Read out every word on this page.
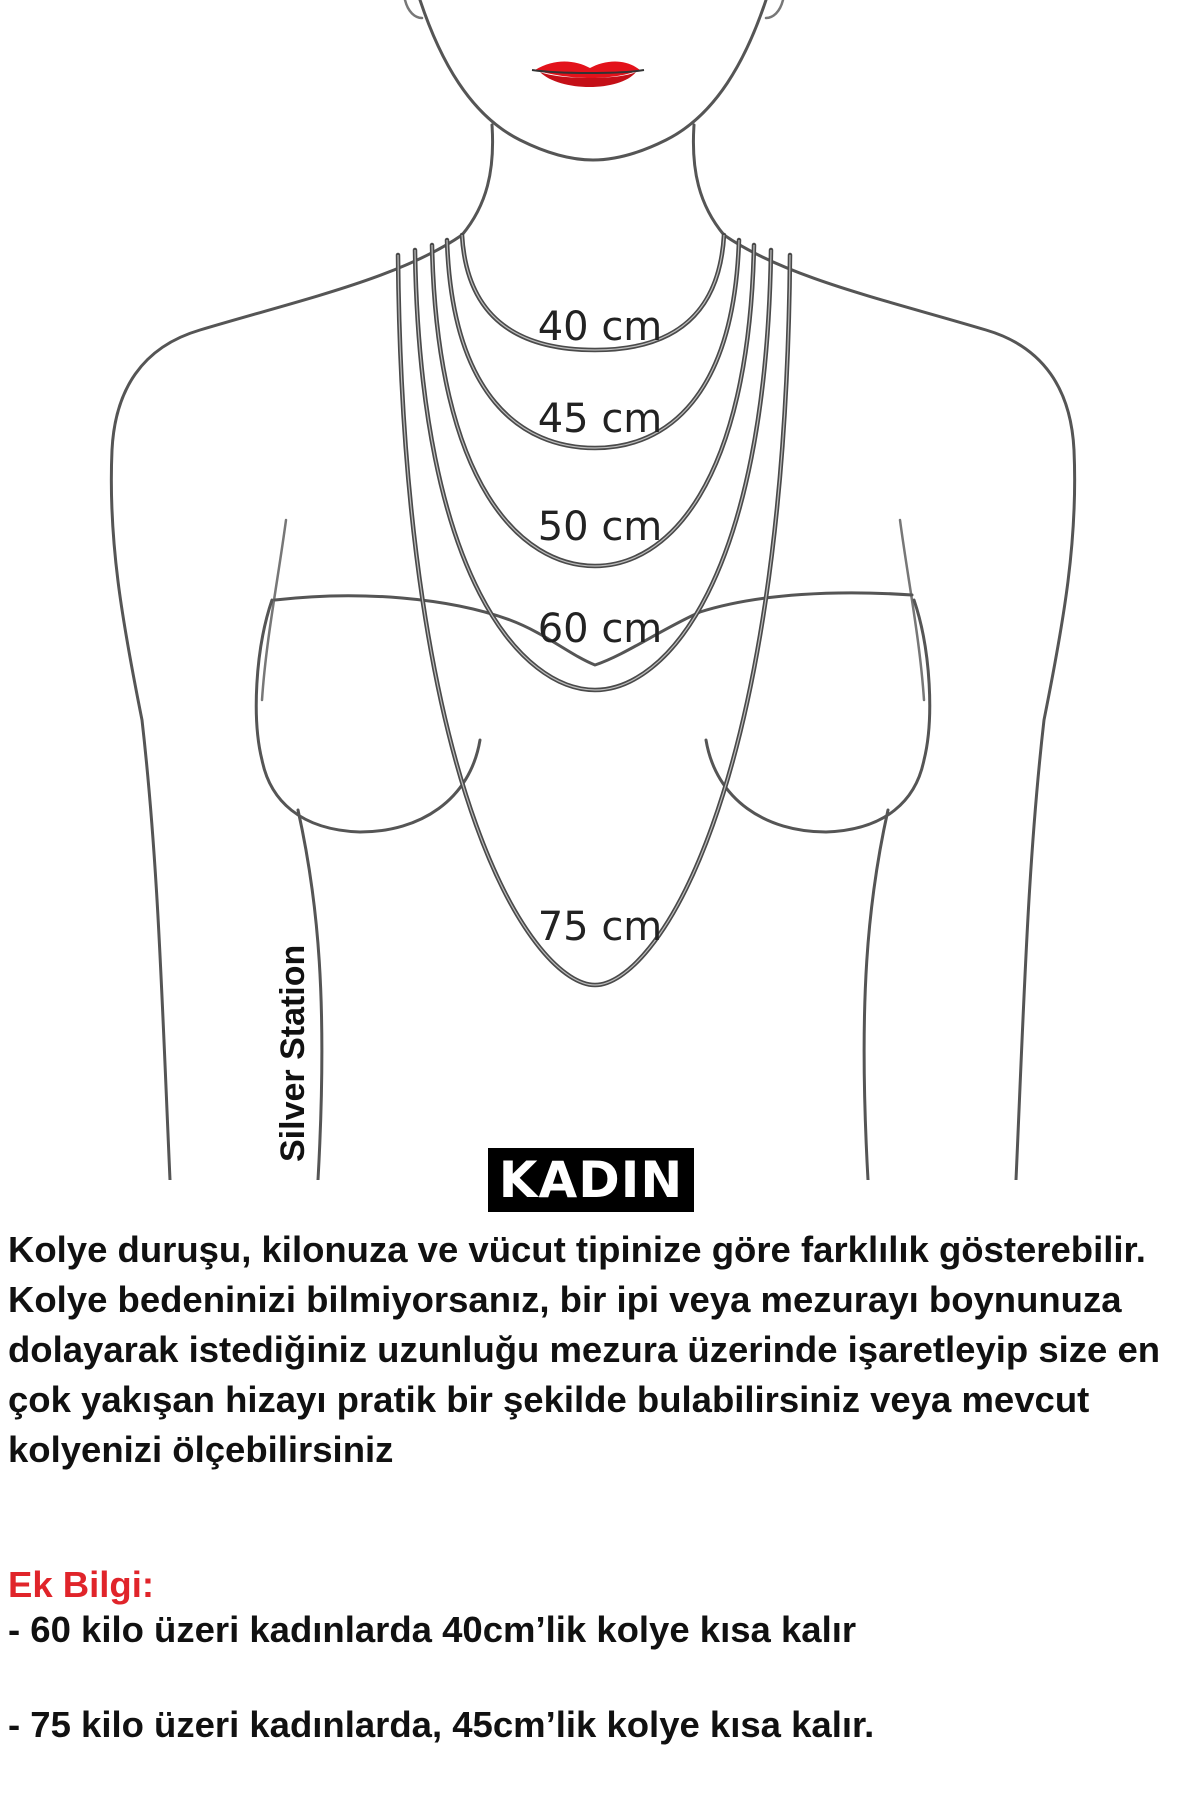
40 cm
45 cm
50 cm
60 cm
75 cm
Silver Station
KADIN

Kolye duruşu, kilonuza ve vücut tipinize göre farklılık gösterebilir. Kolye bedeninizi bilmiyorsanız, bir ipi veya mezurayı boynunuza dolayarak istediğiniz uzunluğu mezura üzerinde işaretleyip size en çok yakışan hizayı pratik bir şekilde bulabilirsiniz veya mevcut kolyenizi ölçebilirsiniz

Ek Bilgi:

- 60 kilo üzeri kadınlarda 40cm’lik kolye kısa kalır

- 75 kilo üzeri kadınlarda, 45cm’lik kolye kısa kalır.
